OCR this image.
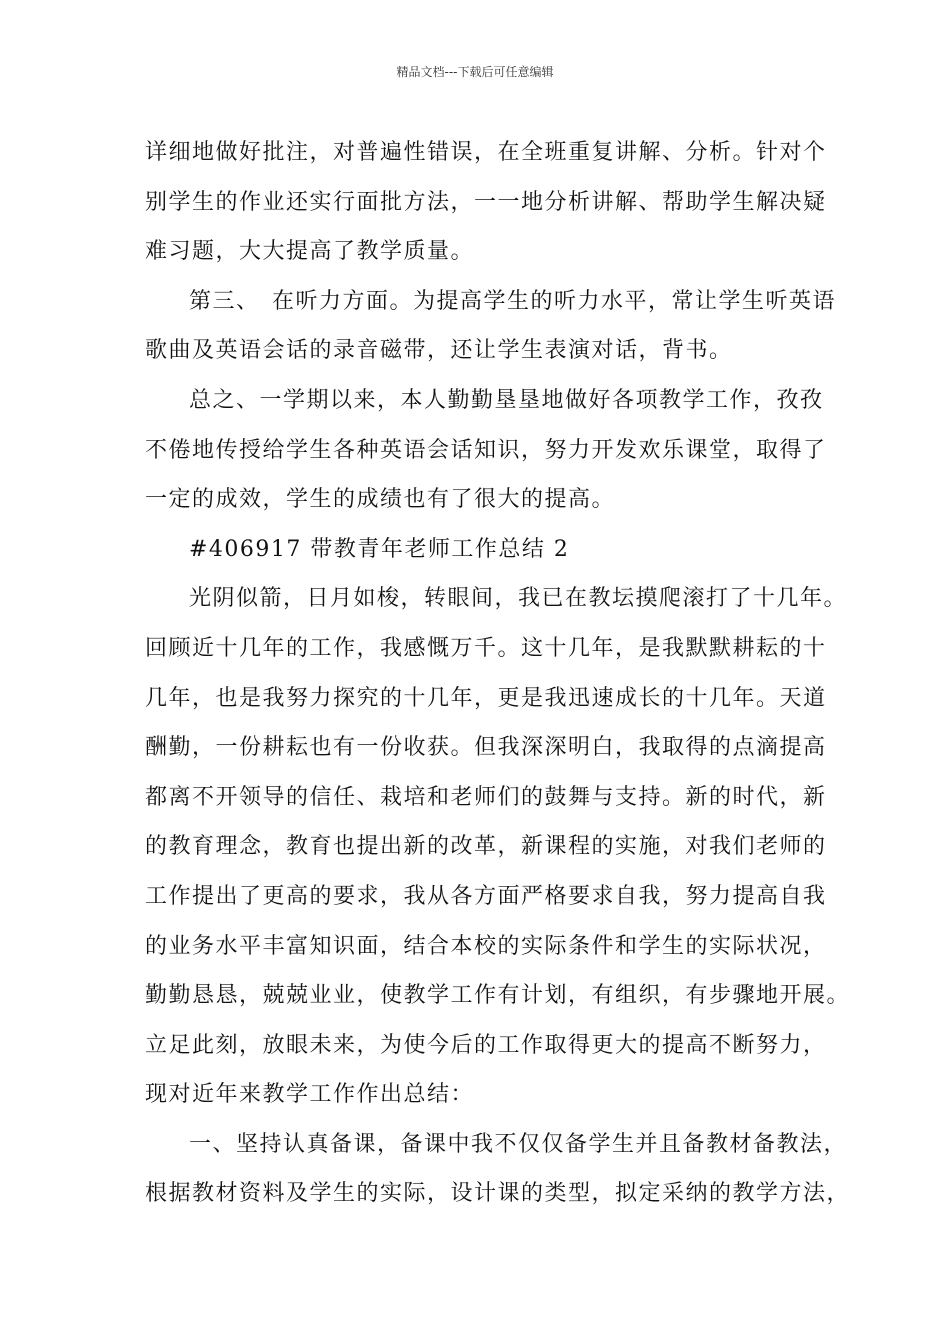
精品文档---下载后可任意编辑
详细地做好批注，对普遍性错误，在全班重复讲解、分析。针对个
别学生的作业还实行面批方法，一一地分析讲解、帮助学生解决疑
难习题，大大提高了教学质量。
第三、　在听力方面。为提高学生的听力水平，常让学生听英语
歌曲及英语会话的录音磁带，还让学生表演对话，背书。
总之、一学期以来，本人勤勤垦垦地做好各项教学工作，孜孜
不倦地传授给学生各种英语会话知识，努力开发欢乐课堂，取得了
一定的成效，学生的成绩也有了很大的提高。
#406917 带教青年老师工作总结 2
光阴似箭，日月如梭，转眼间，我已在教坛摸爬滚打了十几年。
回顾近十几年的工作，我感慨万千。这十几年，是我默默耕耘的十
几年，也是我努力探究的十几年，更是我迅速成长的十几年。天道
酬勤，一份耕耘也有一份收获。但我深深明白，我取得的点滴提高
都离不开领导的信任、栽培和老师们的鼓舞与支持。新的时代，新
的教育理念，教育也提出新的改革，新课程的实施，对我们老师的
工作提出了更高的要求，我从各方面严格要求自我，努力提高自我
的业务水平丰富知识面，结合本校的实际条件和学生的实际状况，
勤勤恳恳，兢兢业业，使教学工作有计划，有组织，有步骤地开展。
立足此刻，放眼未来，为使今后的工作取得更大的提高不断努力，
现对近年来教学工作作出总结：
一、坚持认真备课，备课中我不仅仅备学生并且备教材备教法，
根据教材资料及学生的实际，设计课的类型，拟定采纳的教学方法，
